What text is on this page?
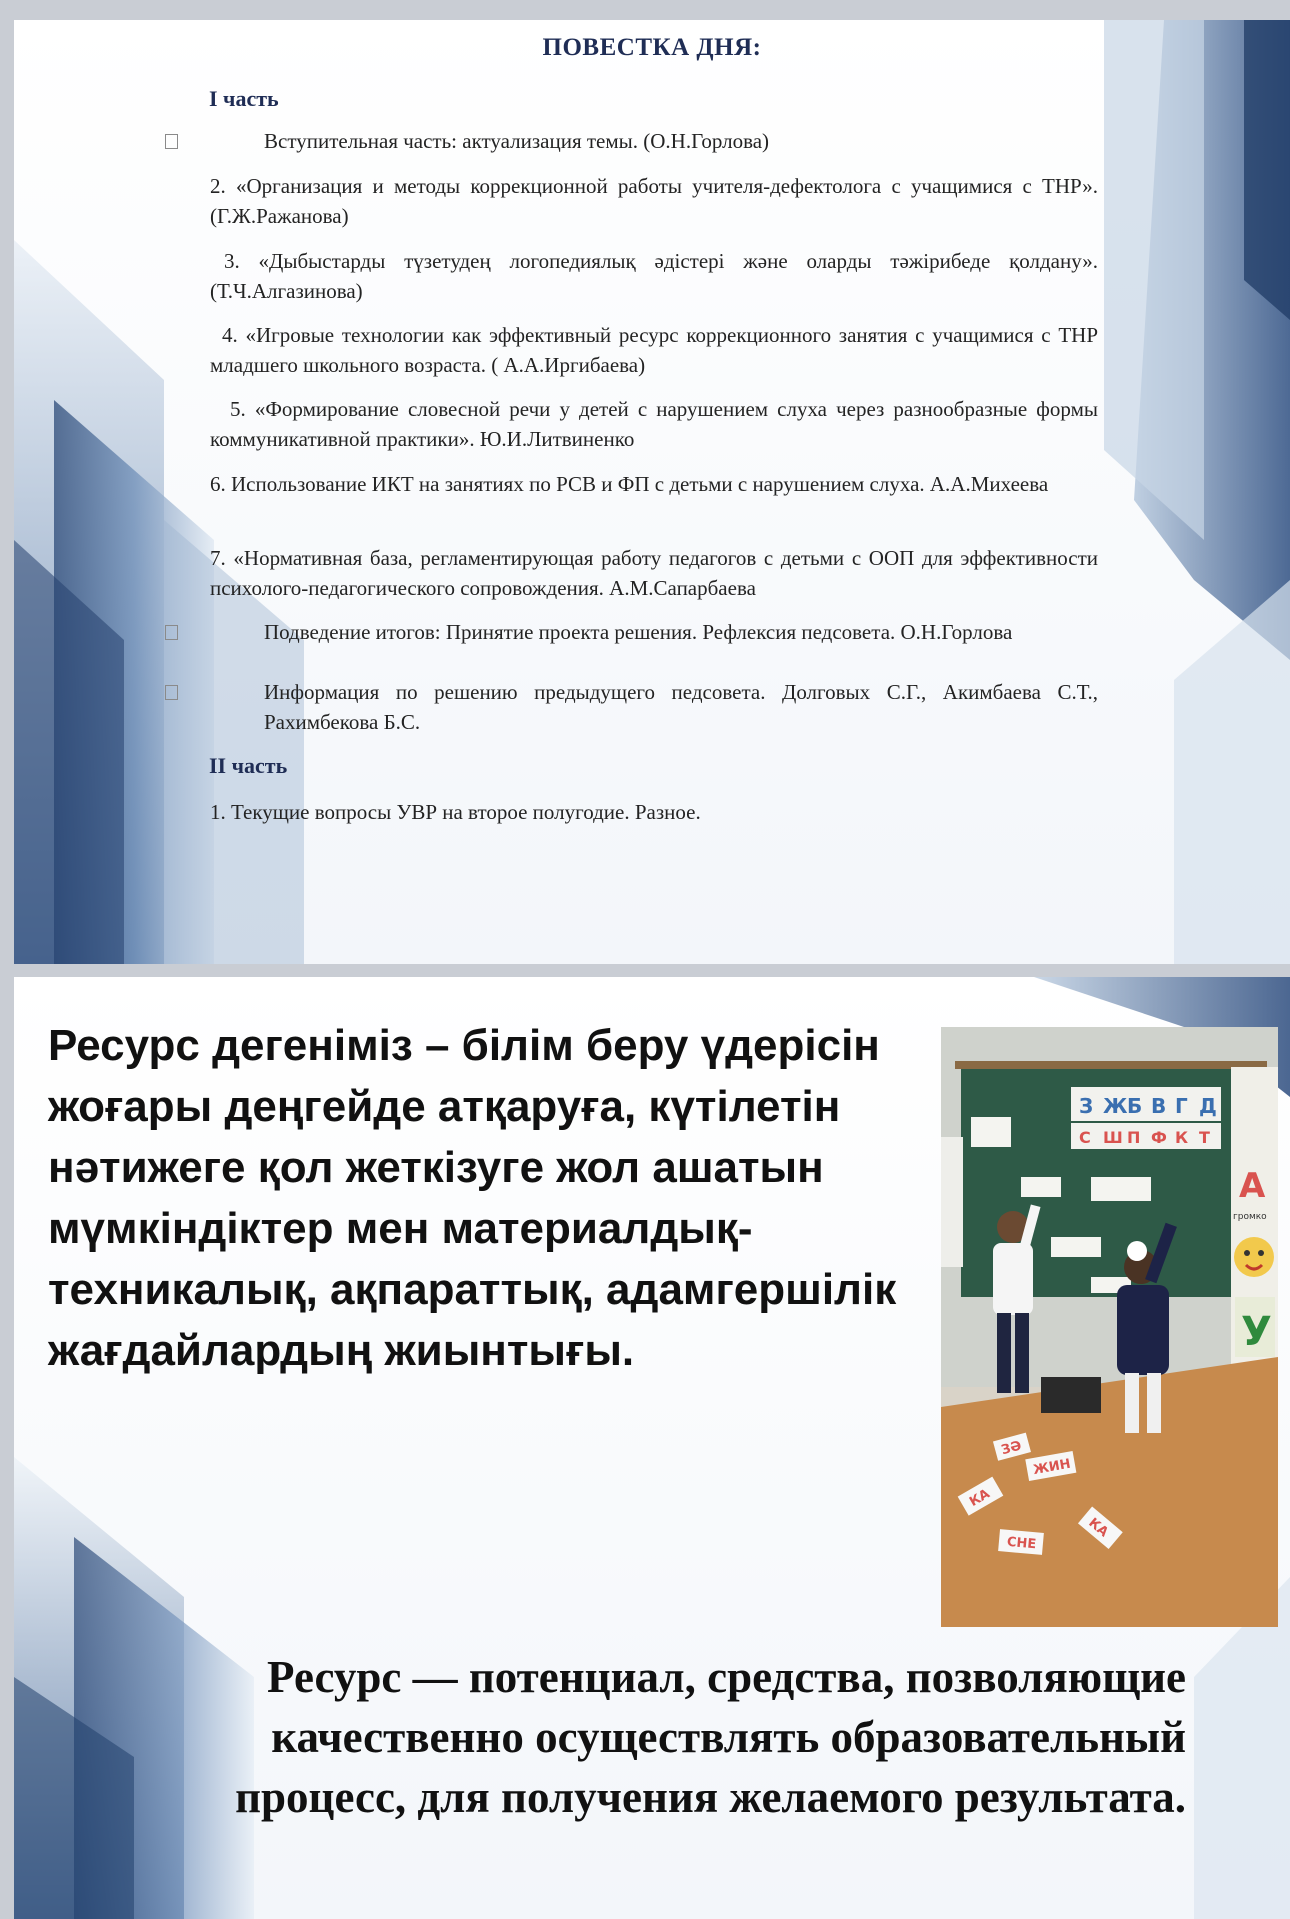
ПОВЕСТКА ДНЯ:
I часть
Вступительная часть: актуализация темы. (О.Н.Горлова)
2. «Организация и методы коррекционной работы учителя-дефектолога с учащимися с ТНР». (Г.Ж.Ражанова)
3. «Дыбыстарды түзетудең логопедиялық әдістері және оларды тәжірибеде қолдану». (Т.Ч.Алгазинова)
4. «Игровые технологии как эффективный ресурс коррекционного занятия с учащимися с ТНР младшего школьного возраста. ( А.А.Иргибаева)
5. «Формирование словесной речи у детей с нарушением слуха через разнообразные формы коммуникативной практики». Ю.И.Литвиненко
6. Использование ИКТ на занятиях по РСВ и ФП с детьми с нарушением слуха. А.А.Михеева
7. «Нормативная база, регламентирующая работу педагогов с детьми с ООП для эффективности психолого-педагогического сопровождения. А.М.Сапарбаева
Подведение итогов: Принятие проекта решения. Рефлексия педсовета. О.Н.Горлова
Информация по решению предыдущего педсовета. Долговых С.Г., Акимбаева С.Т., Рахимбекова Б.С.
II часть
1. Текущие вопросы УВР на второе полугодие. Разное.
Ресурс дегеніміз – білім беру үдерісін жоғары деңгейде атқаруға, күтілетін нәтижеге қол жеткізуге жол ашатын мүмкіндіктер мен материалдық-техникалық, ақпараттық, адамгершілік жағдайлардың жиынтығы.
З Ж Б В Г Д
С Ш П Ф К Т
А
громко
У
КА
ЖИН
СНЕ
КА
ЗӘ
Ресурс — потенциал, средства, позволяющие качественно осуществлять образовательный процесс, для получения желаемого результата.
